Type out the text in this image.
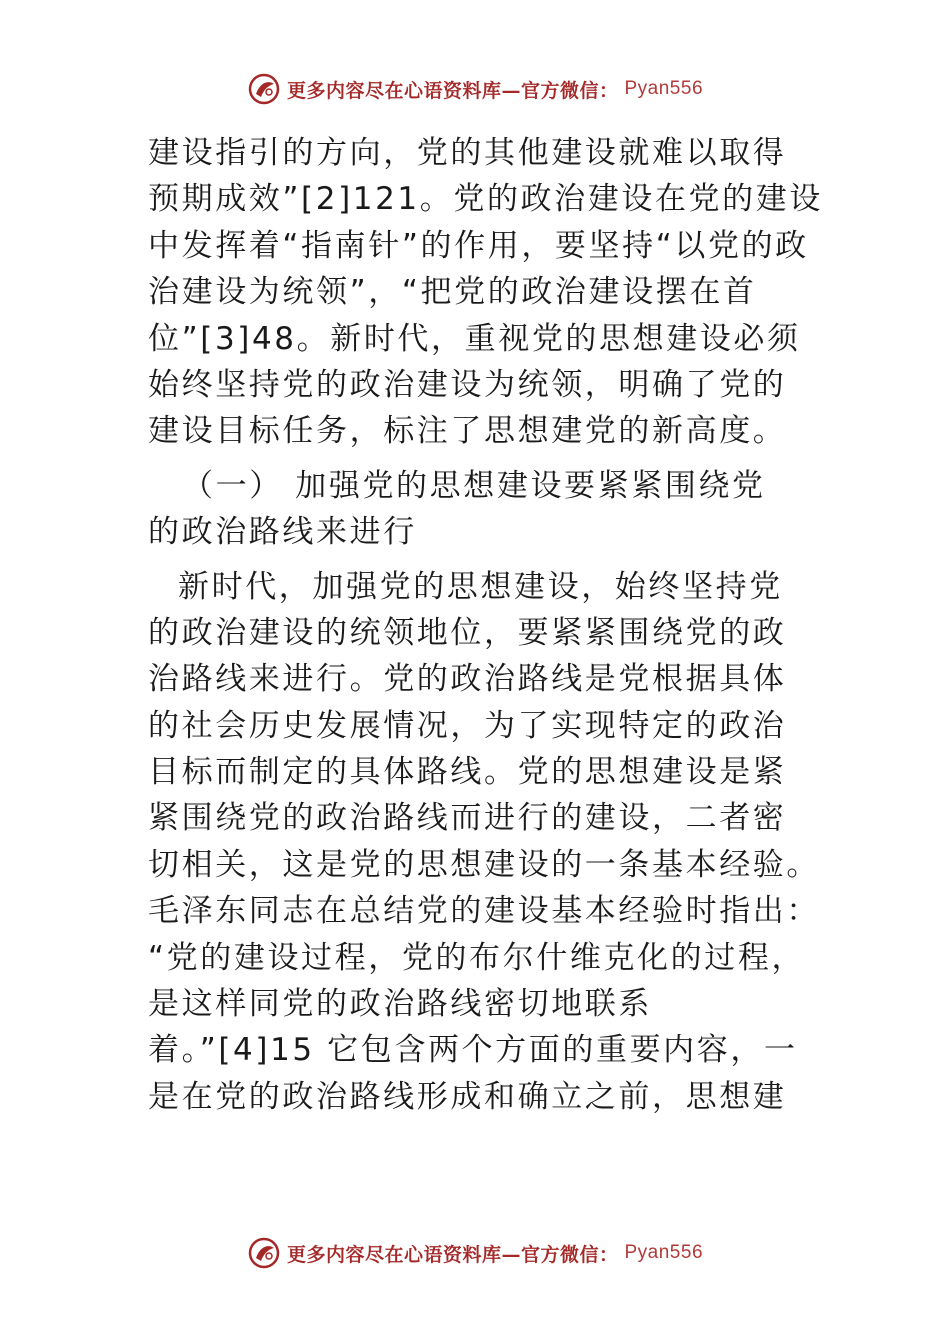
更多内容尽在心语资料库—官方微信： Pyan556
建设指引的方向，党的其他建设就难以取得
预期成效”[2]121。党的政治建设在党的建设
中发挥着“指南针”的作用，要坚持“以党的政
治建设为统领”，“把党的政治建设摆在首
位”[3]48。新时代，重视党的思想建设必须
始终坚持党的政治建设为统领，明确了党的
建设目标任务，标注了思想建党的新高度。
（一） 加强党的思想建设要紧紧围绕党
的政治路线来进行
新时代，加强党的思想建设，始终坚持党
的政治建设的统领地位，要紧紧围绕党的政
治路线来进行。党的政治路线是党根据具体
的社会历史发展情况，为了实现特定的政治
目标而制定的具体路线。党的思想建设是紧
紧围绕党的政治路线而进行的建设，二者密
切相关，这是党的思想建设的一条基本经验。
毛泽东同志在总结党的建设基本经验时指出：
“党的建设过程，党的布尔什维克化的过程，
是这样同党的政治路线密切地联系
着。”[4]15 它包含两个方面的重要内容，一
是在党的政治路线形成和确立之前，思想建
更多内容尽在心语资料库—官方微信： Pyan556
